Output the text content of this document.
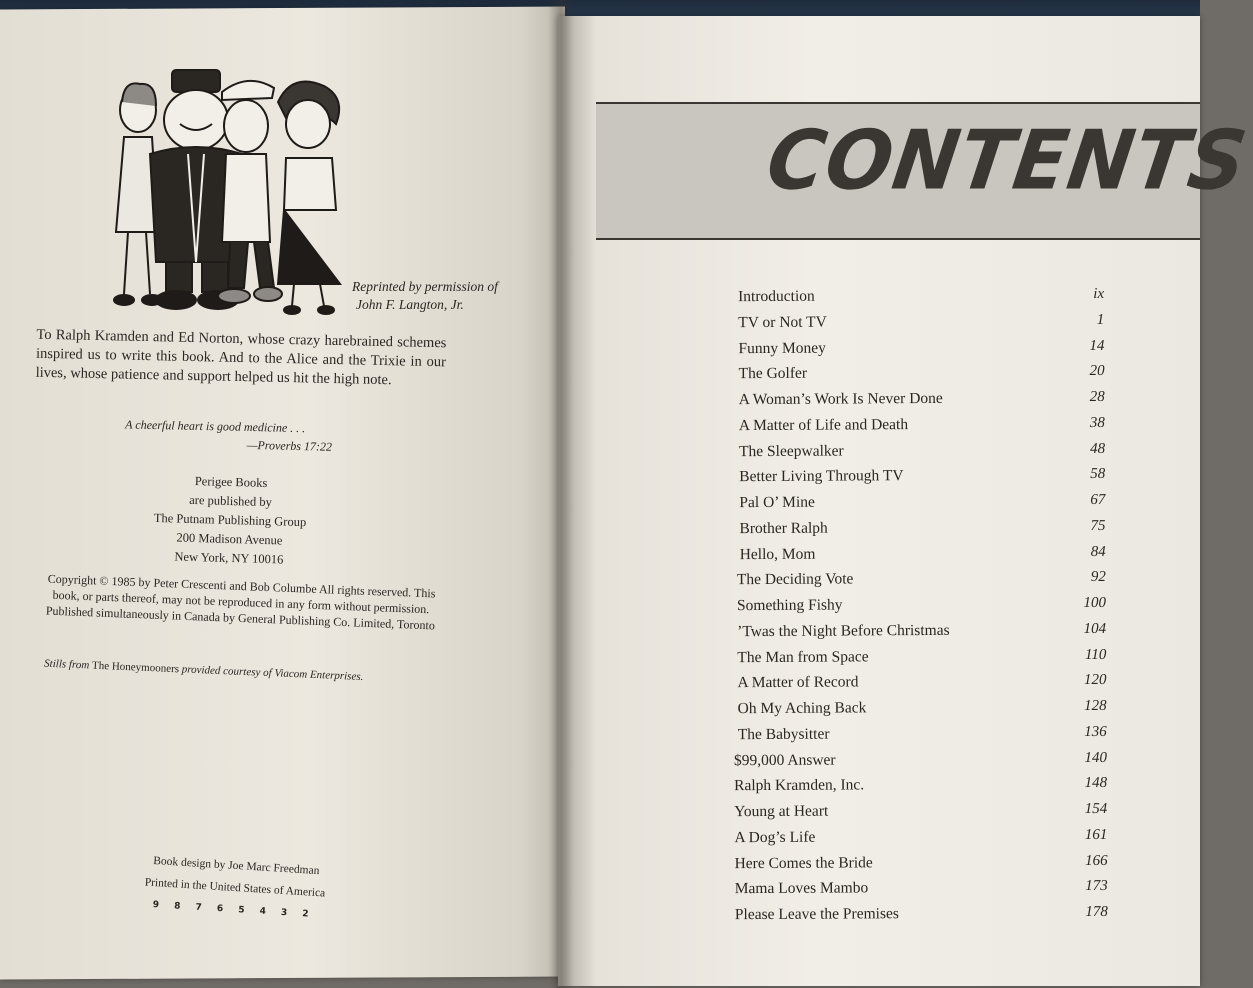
Reprinted by permission of
John F. Langton, Jr.
To Ralph Kramden and Ed Norton, whose crazy harebrained schemes inspired us to write this book. And to the Alice and the Trixie in our lives, whose patience and support helped us hit the high note.
A cheerful heart is good medicine . . .
—Proverbs 17:22
Perigee Books
are published by
The Putnam Publishing Group
200 Madison Avenue
New York, NY 10016
Copyright © 1985 by Peter Crescenti and Bob Columbe All rights reserved. This book, or parts thereof, may not be reproduced in any form without permission. Published simultaneously in Canada by General Publishing Co. Limited, Toronto
Stills from The Honeymooners provided courtesy of Viacom Enterprises.
Book design by Joe Marc Freedman
Printed in the United States of America
9 8 7 6 5 4 3 2
CONTENTS
Introduction	ix
TV or Not TV	1
Funny Money	14
The Golfer	20
A Woman’s Work Is Never Done	28
A Matter of Life and Death	38
The Sleepwalker	48
Better Living Through TV	58
Pal O’ Mine	67
Brother Ralph	75
Hello, Mom	84
The Deciding Vote	92
Something Fishy	100
’Twas the Night Before Christmas	104
The Man from Space	110
A Matter of Record	120
Oh My Aching Back	128
The Babysitter	136
$99,000 Answer	140
Ralph Kramden, Inc.	148
Young at Heart	154
A Dog’s Life	161
Here Comes the Bride	166
Mama Loves Mambo	173
Please Leave the Premises	178
